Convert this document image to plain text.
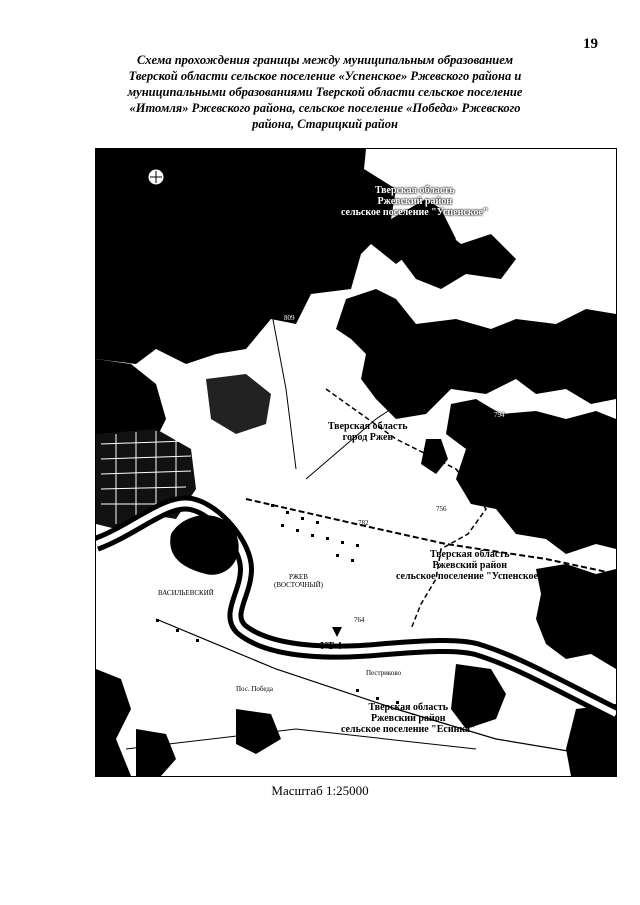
19
Схема прохождения границы между муниципальным образованием
Тверской области сельское поселение «Успенское» Ржевского района и
муниципальными образованиями Тверской области сельское поселение
«Итомля» Ржевского района, сельское поселение «Победа» Ржевского
района, Старицкий район
Тверская область
Ржевский район
сельское поселение "Успенское"
Тверская область
город Ржев
Тверская область
Ржевский район
сельское поселение "Успенское"
Тверская область
Ржевский район
сельское поселение "Есинка"
РЖЕВ
(ВОСТОЧНЫЙ)
ВАСИЛЬЕВСКИЙ
УТ 4
809
794
782
764
756
Пос. Победа
Пестриково
Масштаб 1:25000
